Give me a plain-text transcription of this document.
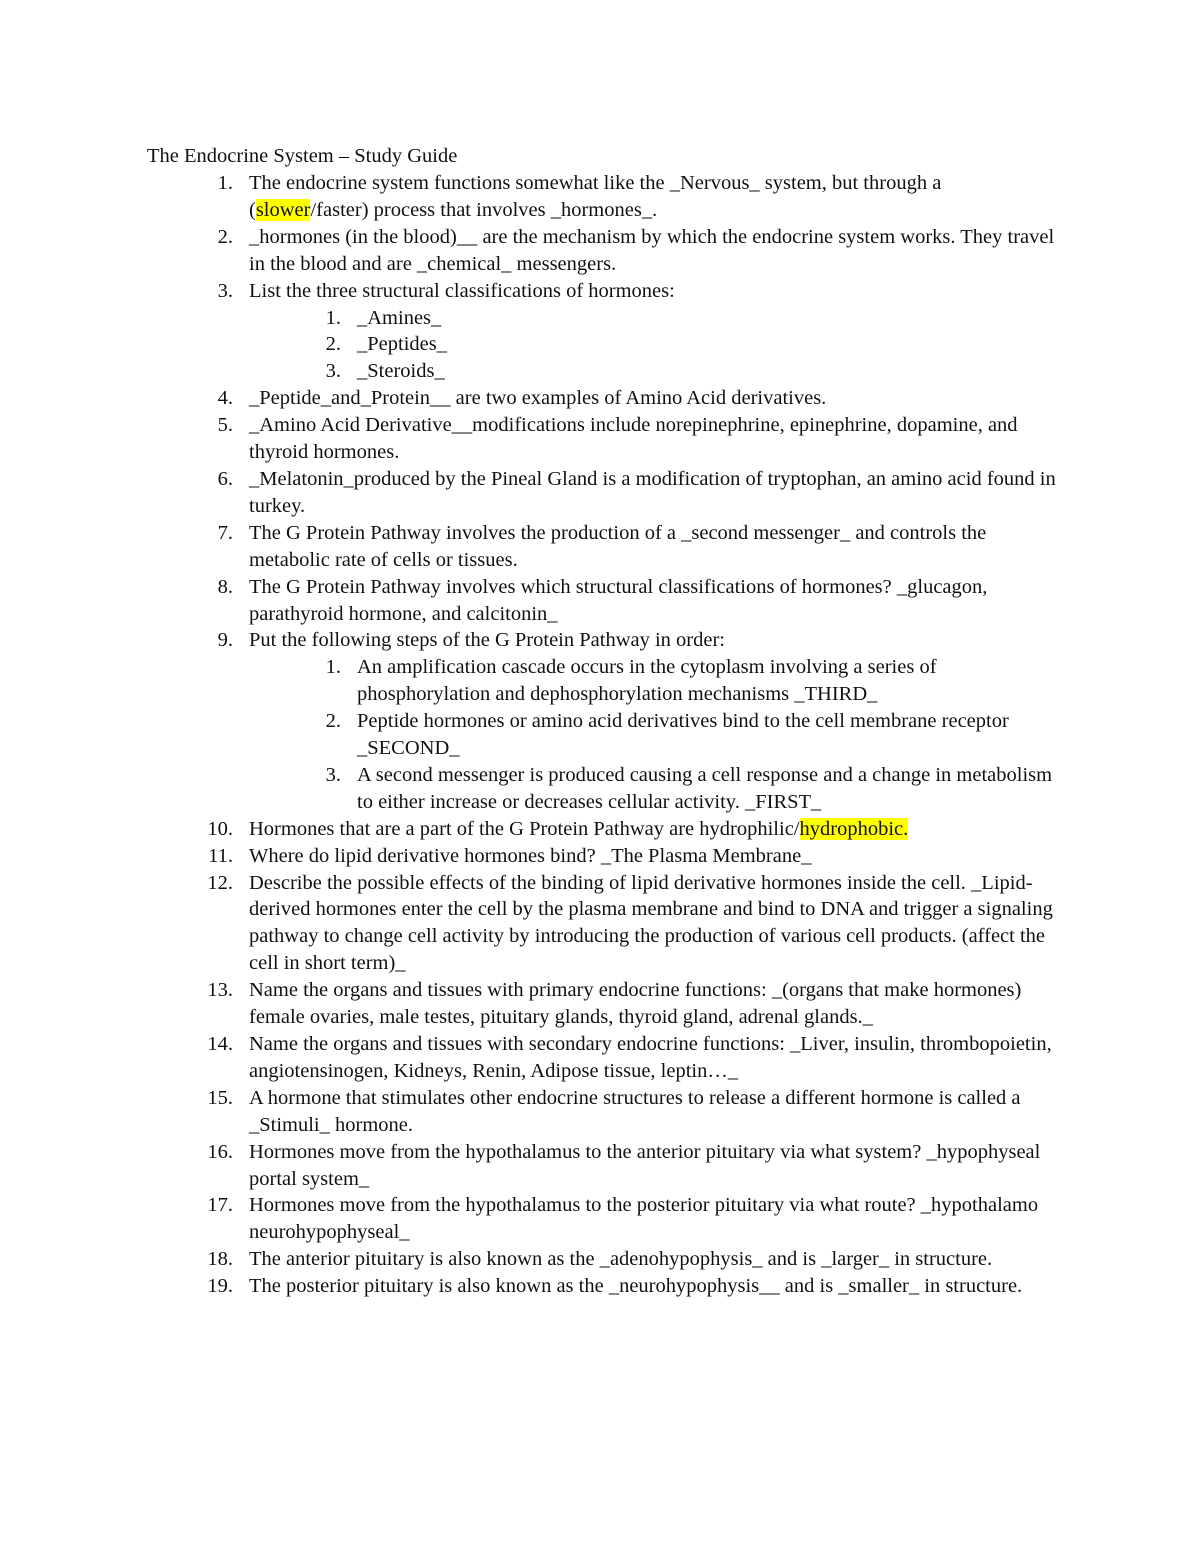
The Endocrine System – Study Guide
1. The endocrine system functions somewhat like the _Nervous_ system, but through a (slower/faster) process that involves _hormones_.
2. _hormones (in the blood)__ are the mechanism by which the endocrine system works. They travel in the blood and are _chemical_ messengers.
3. List the three structural classifications of hormones:
1. _Amines_
2. _Peptides_
3. _Steroids_
4. _Peptide_and_Protein__ are two examples of Amino Acid derivatives.
5. _Amino Acid Derivative__modifications include norepinephrine, epinephrine, dopamine, and thyroid hormones.
6. _Melatonin_produced by the Pineal Gland is a modification of tryptophan, an amino acid found in turkey.
7. The G Protein Pathway involves the production of a _second messenger_ and controls the metabolic rate of cells or tissues.
8. The G Protein Pathway involves which structural classifications of hormones? _glucagon, parathyroid hormone, and calcitonin_
9. Put the following steps of the G Protein Pathway in order:
1. An amplification cascade occurs in the cytoplasm involving a series of phosphorylation and dephosphorylation mechanisms _THIRD_
2. Peptide hormones or amino acid derivatives bind to the cell membrane receptor _SECOND_
3. A second messenger is produced causing a cell response and a change in metabolism to either increase or decreases cellular activity. _FIRST_
10. Hormones that are a part of the G Protein Pathway are hydrophilic/hydrophobic.
11. Where do lipid derivative hormones bind? _The Plasma Membrane_
12. Describe the possible effects of the binding of lipid derivative hormones inside the cell. _Lipid-derived hormones enter the cell by the plasma membrane and bind to DNA and trigger a signaling pathway to change cell activity by introducing the production of various cell products. (affect the cell in short term)_
13. Name the organs and tissues with primary endocrine functions: _(organs that make hormones) female ovaries, male testes, pituitary glands, thyroid gland, adrenal glands._
14. Name the organs and tissues with secondary endocrine functions: _Liver, insulin, thrombopoietin, angiotensinogen, Kidneys, Renin, Adipose tissue, leptin…_
15. A hormone that stimulates other endocrine structures to release a different hormone is called a _Stimuli_ hormone.
16. Hormones move from the hypothalamus to the anterior pituitary via what system? _hypophyseal portal system_
17. Hormones move from the hypothalamus to the posterior pituitary via what route? _hypothalamo neurohypophyseal_
18. The anterior pituitary is also known as the _adenohypophysis_ and is _larger_ in structure.
19. The posterior pituitary is also known as the _neurohypophysis__ and is _smaller_ in structure.
